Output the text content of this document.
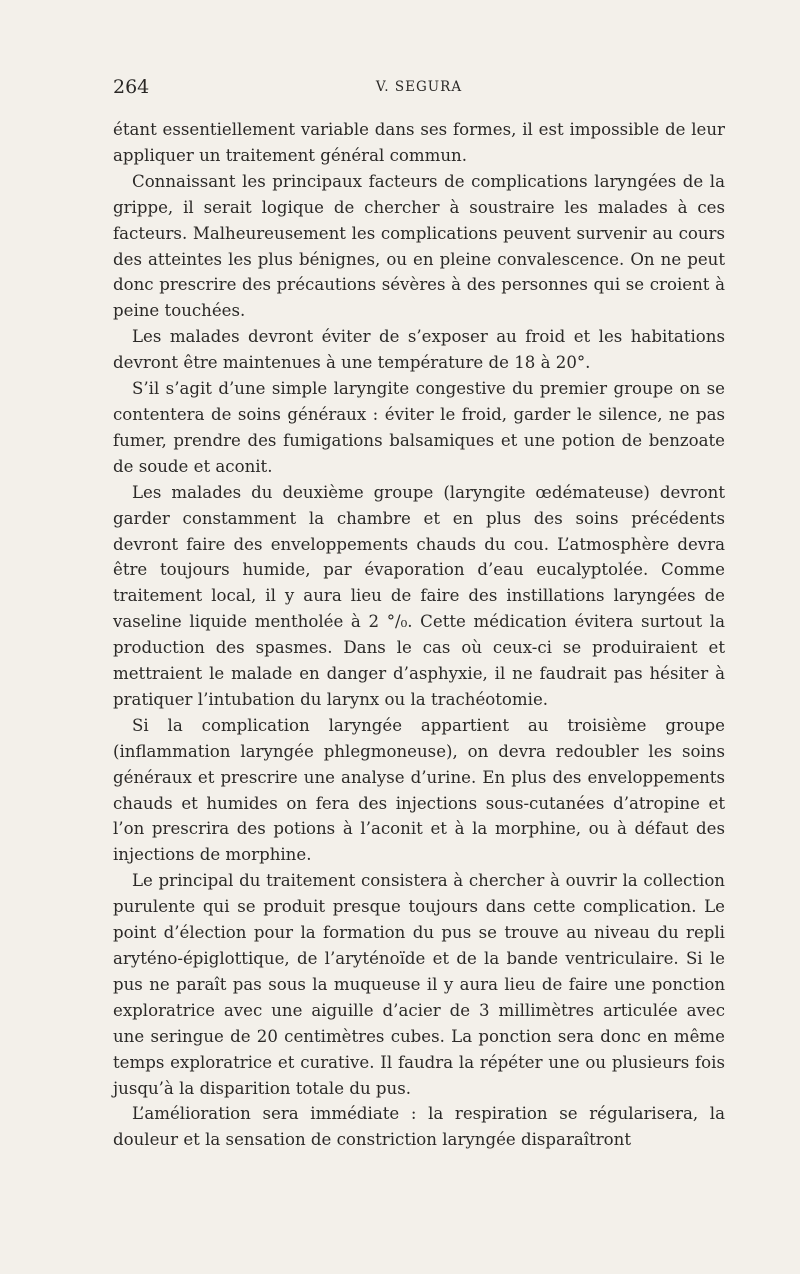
264	V. SEGURA

étant essentiellement variable dans ses formes, il est impossible de leur appliquer un traitement général commun.

Connaissant les principaux facteurs de complications laryngées de la grippe, il serait logique de chercher à soustraire les malades à ces facteurs. Malheureusement les complications peuvent survenir au cours des atteintes les plus bénignes, ou en pleine convalescence. On ne peut donc prescrire des précautions sévères à des personnes qui se croient à peine touchées.

Les malades devront éviter de s’exposer au froid et les habitations devront être maintenues à une température de 18 à 20°.

S’il s’agit d’une simple laryngite congestive du premier groupe on se contentera de soins généraux : éviter le froid, garder le silence, ne pas fumer, prendre des fumigations balsamiques et une potion de benzoate de soude et aconit.

Les malades du deuxième groupe (laryngite œdémateuse) devront garder constamment la chambre et en plus des soins précédents devront faire des enveloppements chauds du cou. L’atmosphère devra être toujours humide, par évaporation d’eau eucalyptolée. Comme traitement local, il y aura lieu de faire des instillations laryngées de vaseline liquide mentholée à 2 °/₀. Cette médication évitera surtout la production des spasmes. Dans le cas où ceux-ci se produiraient et mettraient le malade en danger d’asphyxie, il ne faudrait pas hésiter à pratiquer l’intubation du larynx ou la trachéotomie.

Si la complication laryngée appartient au troisième groupe (inflammation laryngée phlegmoneuse), on devra redoubler les soins généraux et prescrire une analyse d’urine. En plus des enveloppements chauds et humides on fera des injections sous-cutanées d’atropine et l’on prescrira des potions à l’aconit et à la morphine, ou à défaut des injections de morphine.

Le principal du traitement consistera à chercher à ouvrir la collection purulente qui se produit presque toujours dans cette complication. Le point d’élection pour la formation du pus se trouve au niveau du repli aryténo-épiglottique, de l’aryténoïde et de la bande ventriculaire. Si le pus ne paraît pas sous la muqueuse il y aura lieu de faire une ponction exploratrice avec une aiguille d’acier de 3 millimètres articulée avec une seringue de 20 centimètres cubes. La ponction sera donc en même temps exploratrice et curative. Il faudra la répéter une ou plusieurs fois jusqu’à la disparition totale du pus.

L’amélioration sera immédiate : la respiration se régularisera, la douleur et la sensation de constriction laryngée disparaîtront
